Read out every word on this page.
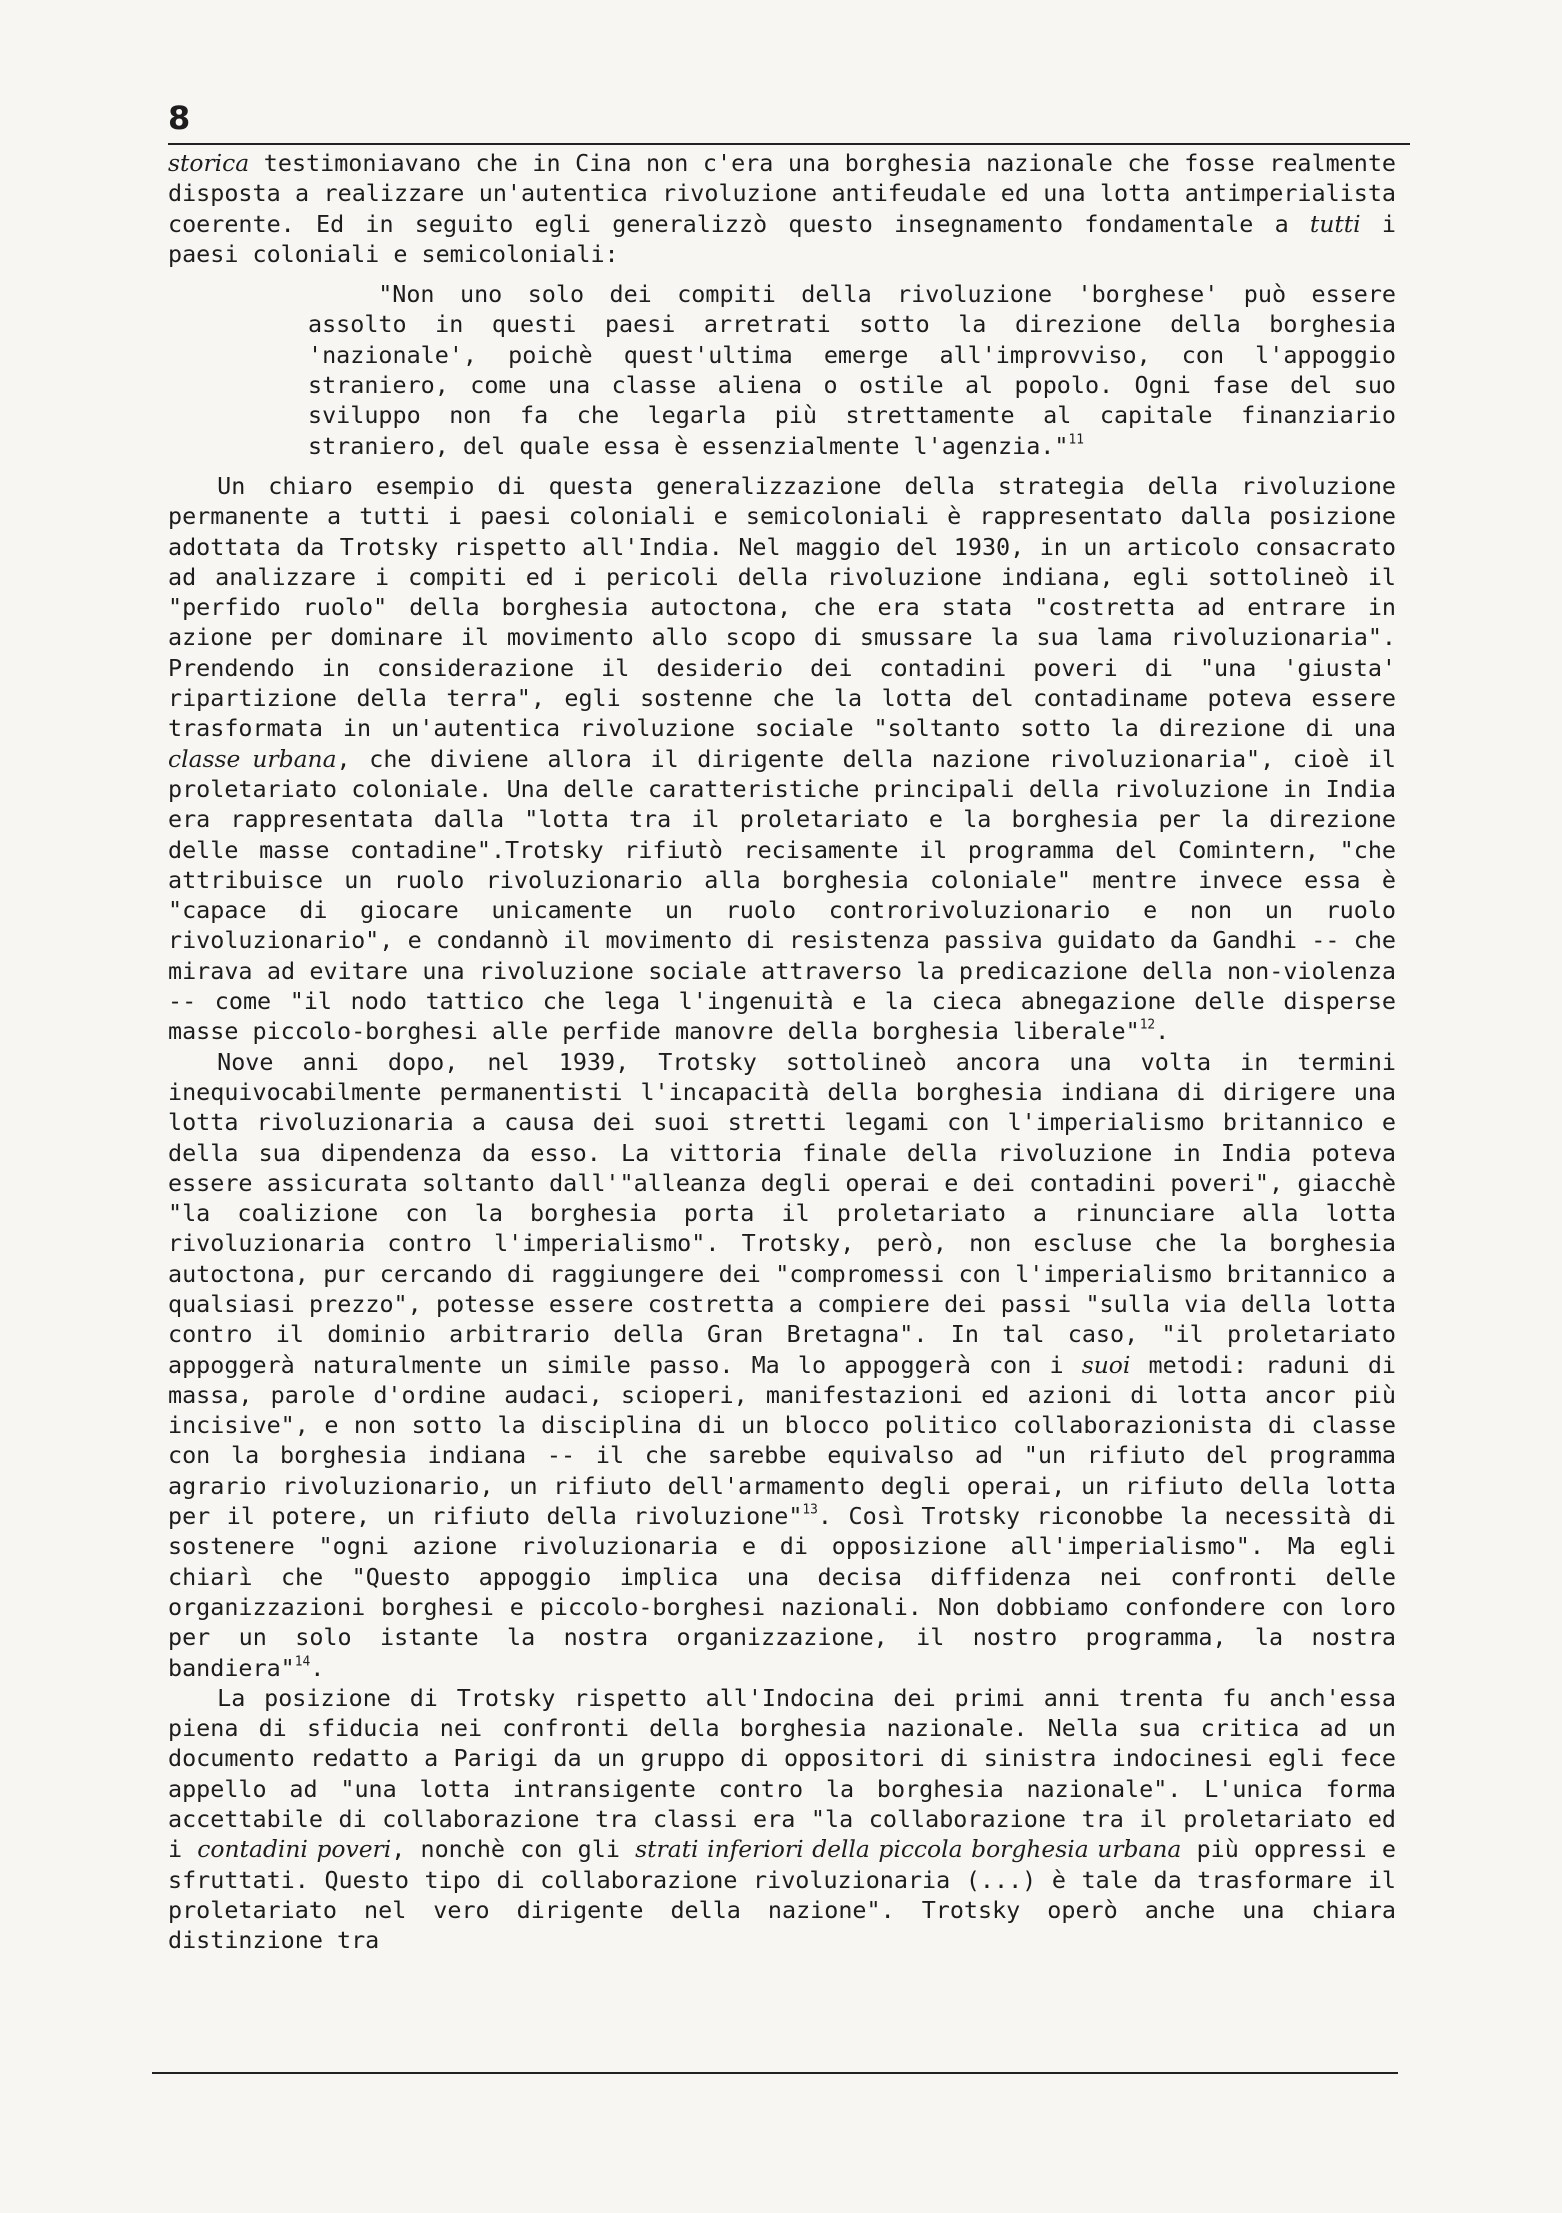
8

storica testimoniavano che in Cina non c'era una borghesia nazionale che fosse realmente disposta a realizzare un'autentica rivoluzione antifeudale ed una lotta antimperialista coerente. Ed in seguito egli generalizzò questo insegnamento fondamentale a tutti i paesi coloniali e semicoloniali:

"Non uno solo dei compiti della rivoluzione 'borghese' può essere assolto in questi paesi arretrati sotto la direzione della borghesia 'nazionale', poichè quest'ultima emerge all'improvviso, con l'appoggio straniero, come una classe aliena o ostile al popolo. Ogni fase del suo sviluppo non fa che legarla più strettamente al capitale finanziario straniero, del quale essa è essenzialmente l'agenzia."$^{11}$

Un chiaro esempio di questa generalizzazione della strategia della rivoluzione permanente a tutti i paesi coloniali e semicoloniali è rappresentato dalla posizione adottata da Trotsky rispetto all'India. Nel maggio del 1930, in un articolo consacrato ad analizzare i compiti ed i pericoli della rivoluzione indiana, egli sottolineò il "perfido ruolo" della borghesia autoctona, che era stata "costretta ad entrare in azione per dominare il movimento allo scopo di smussare la sua lama rivoluzionaria". Prendendo in considerazione il desiderio dei contadini poveri di "una 'giusta' ripartizione della terra", egli sostenne che la lotta del contadiname poteva essere trasformata in un'autentica rivoluzione sociale "soltanto sotto la direzione di una classe urbana, che diviene allora il dirigente della nazione rivoluzionaria", cioè il proletariato coloniale. Una delle caratteristiche principali della rivoluzione in India era rappresentata dalla "lotta tra il proletariato e la borghesia per la direzione delle masse contadine".Trotsky rifiutò recisamente il programma del Comintern, "che attribuisce un ruolo rivoluzionario alla borghesia coloniale" mentre invece essa è "capace di giocare unicamente un ruolo controrivoluzionario e non un ruolo rivoluzionario", e condannò il movimento di resistenza passiva guidato da Gandhi -- che mirava ad evitare una rivoluzione sociale attraverso la predicazione della non-violenza -- come "il nodo tattico che lega l'ingenuità e la cieca abnegazione delle disperse masse piccolo-borghesi alle perfide manovre della borghesia liberale"$^{12}$.

Nove anni dopo, nel 1939, Trotsky sottolineò ancora una volta in termini inequivocabilmente permanentisti l'incapacità della borghesia indiana di dirigere una lotta rivoluzionaria a causa dei suoi stretti legami con l'imperialismo britannico e della sua dipendenza da esso. La vittoria finale della rivoluzione in India poteva essere assicurata soltanto dall'"alleanza degli operai e dei contadini poveri", giacchè "la coalizione con la borghesia porta il proletariato a rinunciare alla lotta rivoluzionaria contro l'imperialismo". Trotsky, però, non escluse che la borghesia autoctona, pur cercando di raggiungere dei "compromessi con l'imperialismo britannico a qualsiasi prezzo", potesse essere costretta a compiere dei passi "sulla via della lotta contro il dominio arbitrario della Gran Bretagna". In tal caso, "il proletariato appoggerà naturalmente un simile passo. Ma lo appoggerà con i suoi metodi: raduni di massa, parole d'ordine audaci, scioperi, manifestazioni ed azioni di lotta ancor più incisive", e non sotto la disciplina di un blocco politico collaborazionista di classe con la borghesia indiana -- il che sarebbe equivalso ad "un rifiuto del programma agrario rivoluzionario, un rifiuto dell'armamento degli operai, un rifiuto della lotta per il potere, un rifiuto della rivoluzione"$^{13}$. Così Trotsky riconobbe la necessità di sostenere "ogni azione rivoluzionaria e di opposizione all'imperialismo". Ma egli chiarì che "Questo appoggio implica una decisa diffidenza nei confronti delle organizzazioni borghesi e piccolo-borghesi nazionali. Non dobbiamo confondere con loro per un solo istante la nostra organizzazione, il nostro programma, la nostra bandiera"$^{14}$.

La posizione di Trotsky rispetto all'Indocina dei primi anni trenta fu anch'essa piena di sfiducia nei confronti della borghesia nazionale. Nella sua critica ad un documento redatto a Parigi da un gruppo di oppositori di sinistra indocinesi egli fece appello ad "una lotta intransigente contro la borghesia nazionale". L'unica forma accettabile di collaborazione tra classi era "la collaborazione tra il proletariato ed i contadini poveri, nonchè con gli strati inferiori della piccola borghesia urbana più oppressi e sfruttati. Questo tipo di collaborazione rivoluzionaria (...) è tale da trasformare il proletariato nel vero dirigente della nazione". Trotsky operò anche una chiara distinzione tra
